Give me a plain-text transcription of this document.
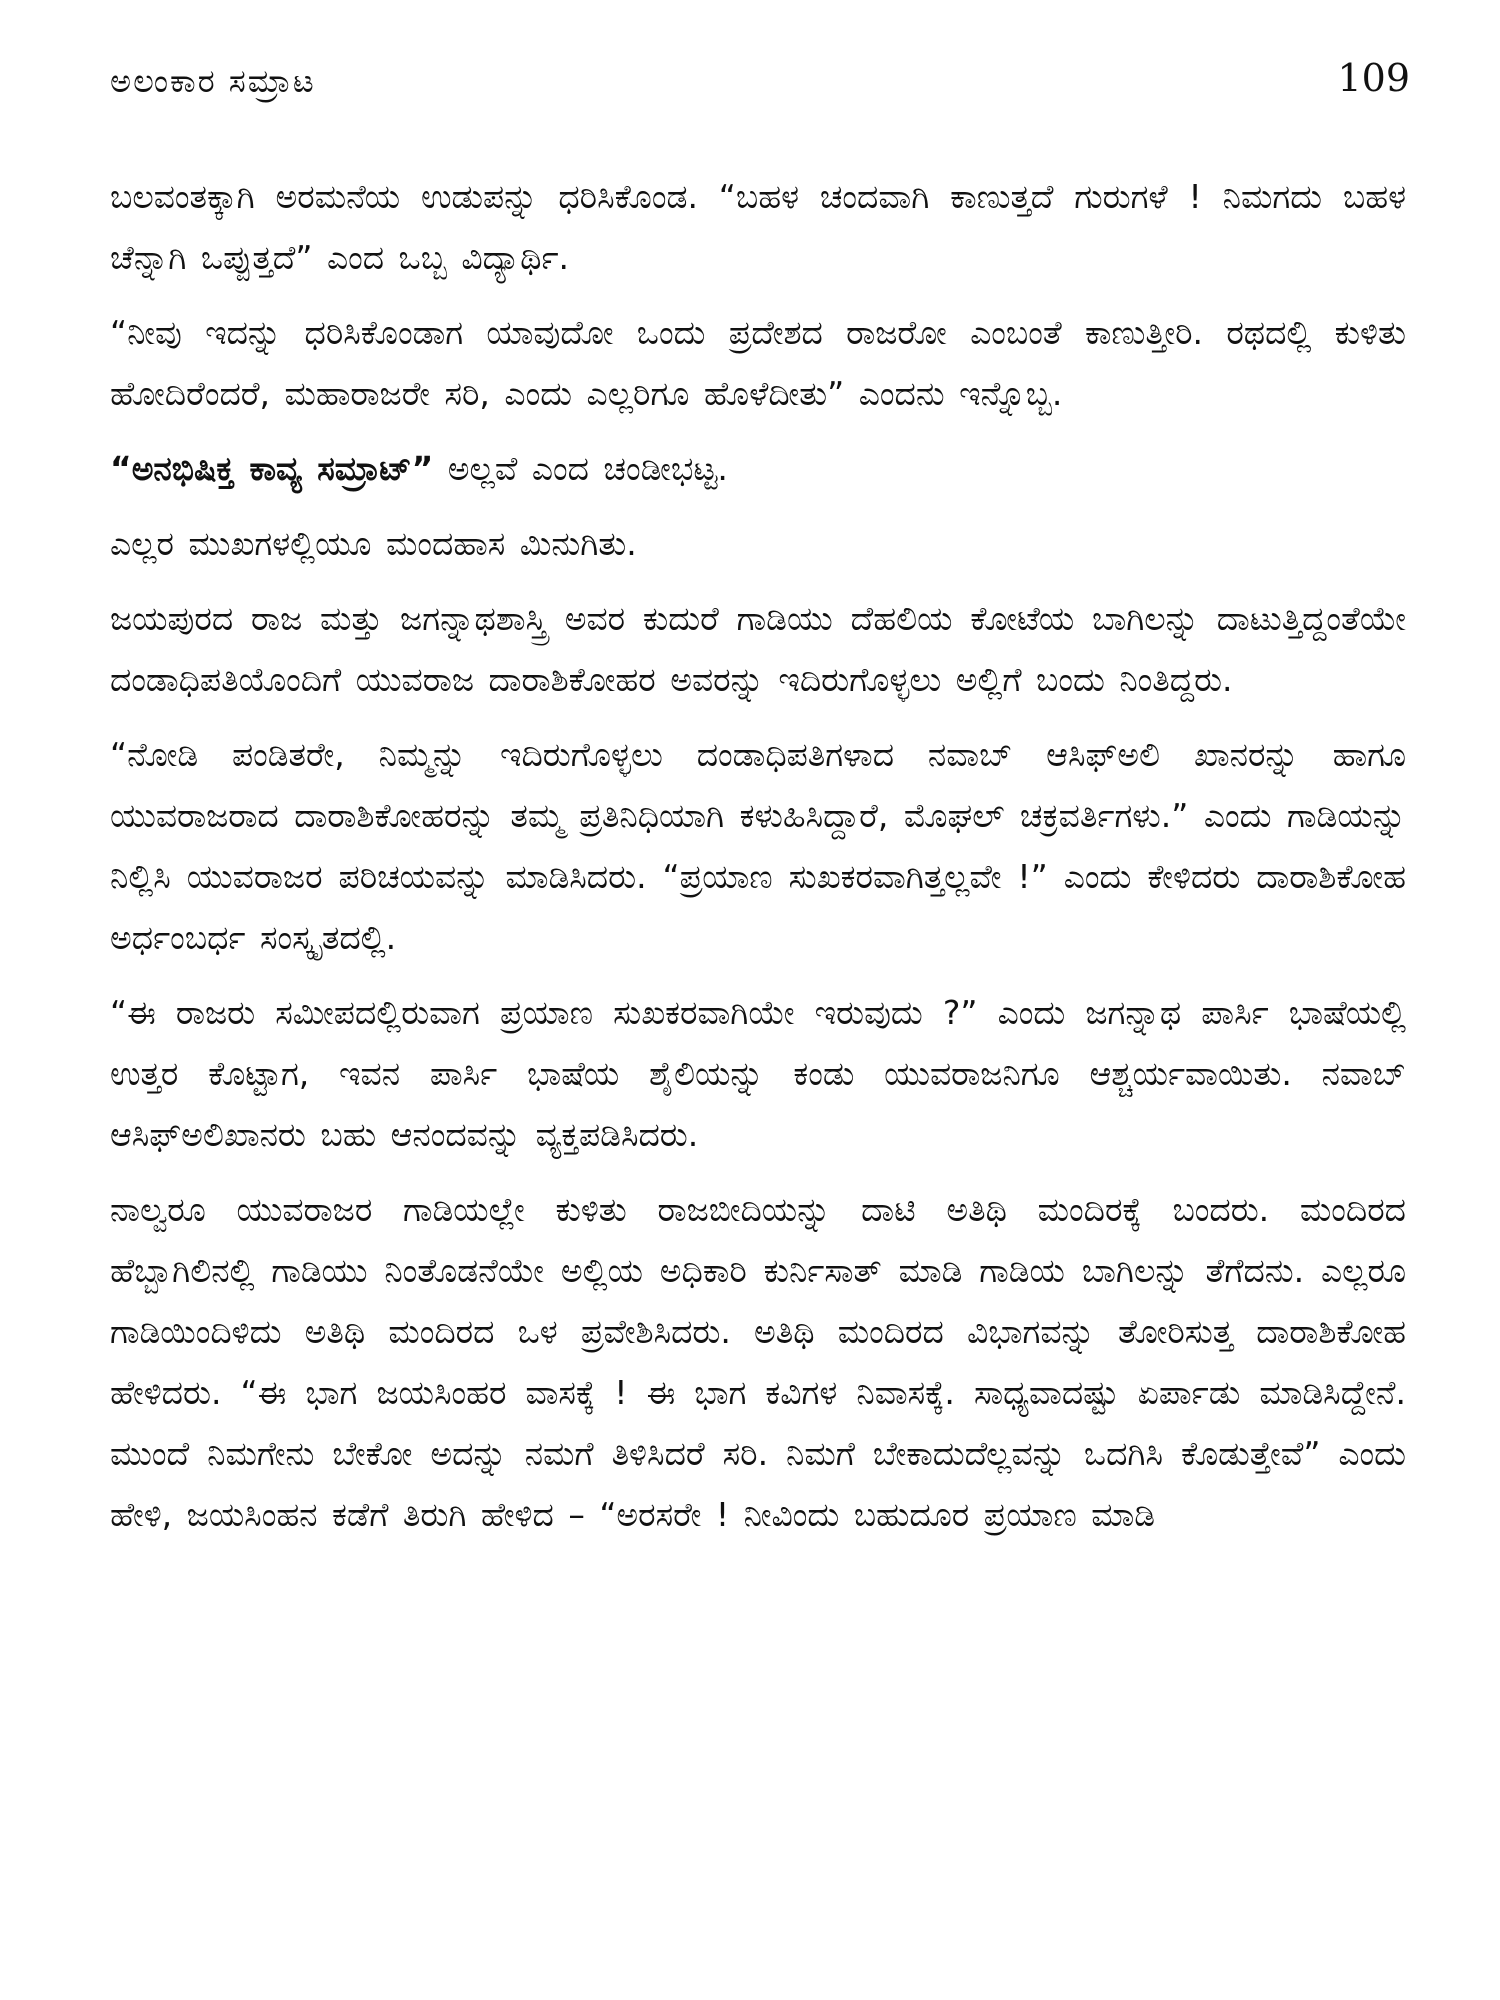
ಅಲಂಕಾರ ಸಮ್ರಾಟ	109

ಬಲವಂತಕ್ಕಾಗಿ ಅರಮನೆಯ ಉಡುಪನ್ನು ಧರಿಸಿಕೊಂಡ. “ಬಹಳ ಚಂದವಾಗಿ ಕಾಣುತ್ತದೆ ಗುರುಗಳೆ ! ನಿಮಗದು ಬಹಳ ಚೆನ್ನಾಗಿ ಒಪ್ಪುತ್ತದೆ” ಎಂದ ಒಬ್ಬ ವಿದ್ಯಾರ್ಥಿ.

“ನೀವು ಇದನ್ನು ಧರಿಸಿಕೊಂಡಾಗ ಯಾವುದೋ ಒಂದು ಪ್ರದೇಶದ ರಾಜರೋ ಎಂಬಂತೆ ಕಾಣುತ್ತೀರಿ. ರಥದಲ್ಲಿ ಕುಳಿತು ಹೋದಿರೆಂದರೆ, ಮಹಾರಾಜರೇ ಸರಿ, ಎಂದು ಎಲ್ಲರಿಗೂ ಹೊಳೆದೀತು” ಎಂದನು ಇನ್ನೊಬ್ಬ.

“ಅನಭಿಷಿಕ್ತ ಕಾವ್ಯ ಸಮ್ರಾಟ್” ಅಲ್ಲವೆ ಎಂದ ಚಂಡೀಭಟ್ಟ.

ಎಲ್ಲರ ಮುಖಗಳಲ್ಲಿಯೂ ಮಂದಹಾಸ ಮಿನುಗಿತು.

ಜಯಪುರದ ರಾಜ ಮತ್ತು ಜಗನ್ನಾಥಶಾಸ್ತ್ರಿ ಅವರ ಕುದುರೆ ಗಾಡಿಯು ದೆಹಲಿಯ ಕೋಟೆಯ ಬಾಗಿಲನ್ನು ದಾಟುತ್ತಿದ್ದಂತೆಯೇ ದಂಡಾಧಿಪತಿಯೊಂದಿಗೆ ಯುವರಾಜ ದಾರಾಶಿಕೋಹರ ಅವರನ್ನು ಇದಿರುಗೊಳ್ಳಲು ಅಲ್ಲಿಗೆ ಬಂದು ನಿಂತಿದ್ದರು.

“ನೋಡಿ ಪಂಡಿತರೇ, ನಿಮ್ಮನ್ನು ಇದಿರುಗೊಳ್ಳಲು ದಂಡಾಧಿಪತಿಗಳಾದ ನವಾಬ್ ಆಸಿಫ್‌ಅಲಿ ಖಾನರನ್ನು ಹಾಗೂ ಯುವರಾಜರಾದ ದಾರಾಶಿಕೋಹರನ್ನು ತಮ್ಮ ಪ್ರತಿನಿಧಿಯಾಗಿ ಕಳುಹಿಸಿದ್ದಾರೆ, ಮೊಘಲ್ ಚಕ್ರವರ್ತಿಗಳು.” ಎಂದು ಗಾಡಿಯನ್ನು ನಿಲ್ಲಿಸಿ ಯುವರಾಜರ ಪರಿಚಯವನ್ನು ಮಾಡಿಸಿದರು. “ಪ್ರಯಾಣ ಸುಖಕರವಾಗಿತ್ತಲ್ಲವೇ !” ಎಂದು ಕೇಳಿದರು ದಾರಾಶಿಕೋಹ ಅರ್ಧಂಬರ್ಧ ಸಂಸ್ಕೃತದಲ್ಲಿ.

“ಈ ರಾಜರು ಸಮೀಪದಲ್ಲಿರುವಾಗ ಪ್ರಯಾಣ ಸುಖಕರವಾಗಿಯೇ ಇರುವುದು ?” ಎಂದು ಜಗನ್ನಾಥ ಪಾರ್ಸಿ ಭಾಷೆಯಲ್ಲಿ ಉತ್ತರ ಕೊಟ್ಟಾಗ, ಇವನ ಪಾರ್ಸಿ ಭಾಷೆಯ ಶೈಲಿಯನ್ನು ಕಂಡು ಯುವರಾಜನಿಗೂ ಆಶ್ಚರ್ಯವಾಯಿತು. ನವಾಬ್ ಆಸಿಫ್‌ಅಲಿಖಾನರು ಬಹು ಆನಂದವನ್ನು ವ್ಯಕ್ತಪಡಿಸಿದರು.

ನಾಲ್ವರೂ ಯುವರಾಜರ ಗಾಡಿಯಲ್ಲೇ ಕುಳಿತು ರಾಜಬೀದಿಯನ್ನು ದಾಟಿ ಅತಿಥಿ ಮಂದಿರಕ್ಕೆ ಬಂದರು. ಮಂದಿರದ ಹೆಬ್ಬಾಗಿಲಿನಲ್ಲಿ ಗಾಡಿಯು ನಿಂತೊಡನೆಯೇ ಅಲ್ಲಿಯ ಅಧಿಕಾರಿ ಕುರ್ನಿಸಾತ್ ಮಾಡಿ ಗಾಡಿಯ ಬಾಗಿಲನ್ನು ತೆಗೆದನು. ಎಲ್ಲರೂ ಗಾಡಿಯಿಂದಿಳಿದು ಅತಿಥಿ ಮಂದಿರದ ಒಳ ಪ್ರವೇಶಿಸಿದರು. ಅತಿಥಿ ಮಂದಿರದ ವಿಭಾಗವನ್ನು ತೋರಿಸುತ್ತ ದಾರಾಶಿಕೋಹ ಹೇಳಿದರು. “ಈ ಭಾಗ ಜಯಸಿಂಹರ ವಾಸಕ್ಕೆ ! ಈ ಭಾಗ ಕವಿಗಳ ನಿವಾಸಕ್ಕೆ. ಸಾಧ್ಯವಾದಷ್ಟು ಏರ್ಪಾಡು ಮಾಡಿಸಿದ್ದೇನೆ. ಮುಂದೆ ನಿಮಗೇನು ಬೇಕೋ ಅದನ್ನು ನಮಗೆ ತಿಳಿಸಿದರೆ ಸರಿ. ನಿಮಗೆ ಬೇಕಾದುದೆಲ್ಲವನ್ನು ಒದಗಿಸಿ ಕೊಡುತ್ತೇವೆ” ಎಂದು ಹೇಳಿ, ಜಯಸಿಂಹನ ಕಡೆಗೆ ತಿರುಗಿ ಹೇಳಿದ – “ಅರಸರೇ ! ನೀವಿಂದು ಬಹುದೂರ ಪ್ರಯಾಣ ಮಾಡಿ
